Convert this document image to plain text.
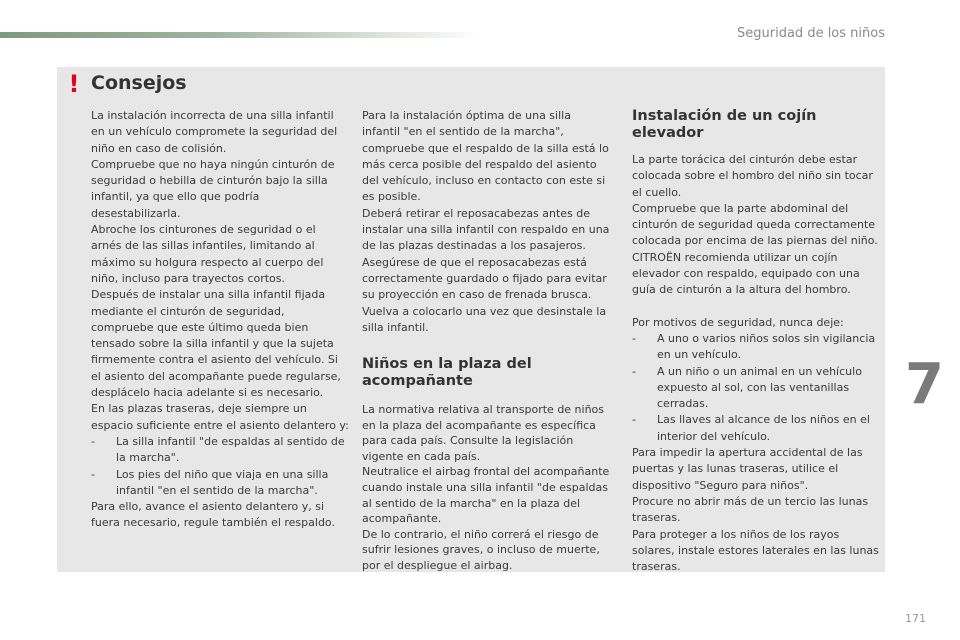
Seguridad de los niños
! Consejos

La instalación incorrecta de una silla infantil en un vehículo compromete la seguridad del niño en caso de colisión.

Compruebe que no haya ningún cinturón de seguridad o hebilla de cinturón bajo la silla infantil, ya que ello que podría desestabilizarla.

Abroche los cinturones de seguridad o el arnés de las sillas infantiles, limitando al máximo su holgura respecto al cuerpo del niño, incluso para trayectos cortos.

Después de instalar una silla infantil fijada mediante el cinturón de seguridad, compruebe que este último queda bien tensado sobre la silla infantil y que la sujeta firmemente contra el asiento del vehículo. Si el asiento del acompañante puede regularse, desplácelo hacia adelante si es necesario.

En las plazas traseras, deje siempre un espacio suficiente entre el asiento delantero y:

- La silla infantil "de espaldas al sentido de la marcha".
- Los pies del niño que viaja en una silla infantil "en el sentido de la marcha".

Para ello, avance el asiento delantero y, si fuera necesario, regule también el respaldo.

Para la instalación óptima de una silla infantil "en el sentido de la marcha", compruebe que el respaldo de la silla está lo más cerca posible del respaldo del asiento del vehículo, incluso en contacto con este si es posible.

Deberá retirar el reposacabezas antes de instalar una silla infantil con respaldo en una de las plazas destinadas a los pasajeros.

Asegúrese de que el reposacabezas está correctamente guardado o fijado para evitar su proyección en caso de frenada brusca.

Vuelva a colocarlo una vez que desinstale la silla infantil.

Niños en la plaza del acompañante

La normativa relativa al transporte de niños en la plaza del acompañante es específica para cada país. Consulte la legislación vigente en cada país.

Neutralice el airbag frontal del acompañante cuando instale una silla infantil "de espaldas al sentido de la marcha" en la plaza del acompañante.

De lo contrario, el niño correrá el riesgo de sufrir lesiones graves, o incluso de muerte, por el despliegue el airbag.

Instalación de un cojín elevador

La parte torácica del cinturón debe estar colocada sobre el hombro del niño sin tocar el cuello.

Compruebe que la parte abdominal del cinturón de seguridad queda correctamente colocada por encima de las piernas del niño.

CITROËN recomienda utilizar un cojín elevador con respaldo, equipado con una guía de cinturón a la altura del hombro.

Por motivos de seguridad, nunca deje:

- A uno o varios niños solos sin vigilancia en un vehículo.
- A un niño o un animal en un vehículo expuesto al sol, con las ventanillas cerradas.
- Las llaves al alcance de los niños en el interior del vehículo.

Para impedir la apertura accidental de las puertas y las lunas traseras, utilice el dispositivo "Seguro para niños".

Procure no abrir más de un tercio las lunas traseras.

Para proteger a los niños de los rayos solares, instale estores laterales en las lunas traseras.

7
171
